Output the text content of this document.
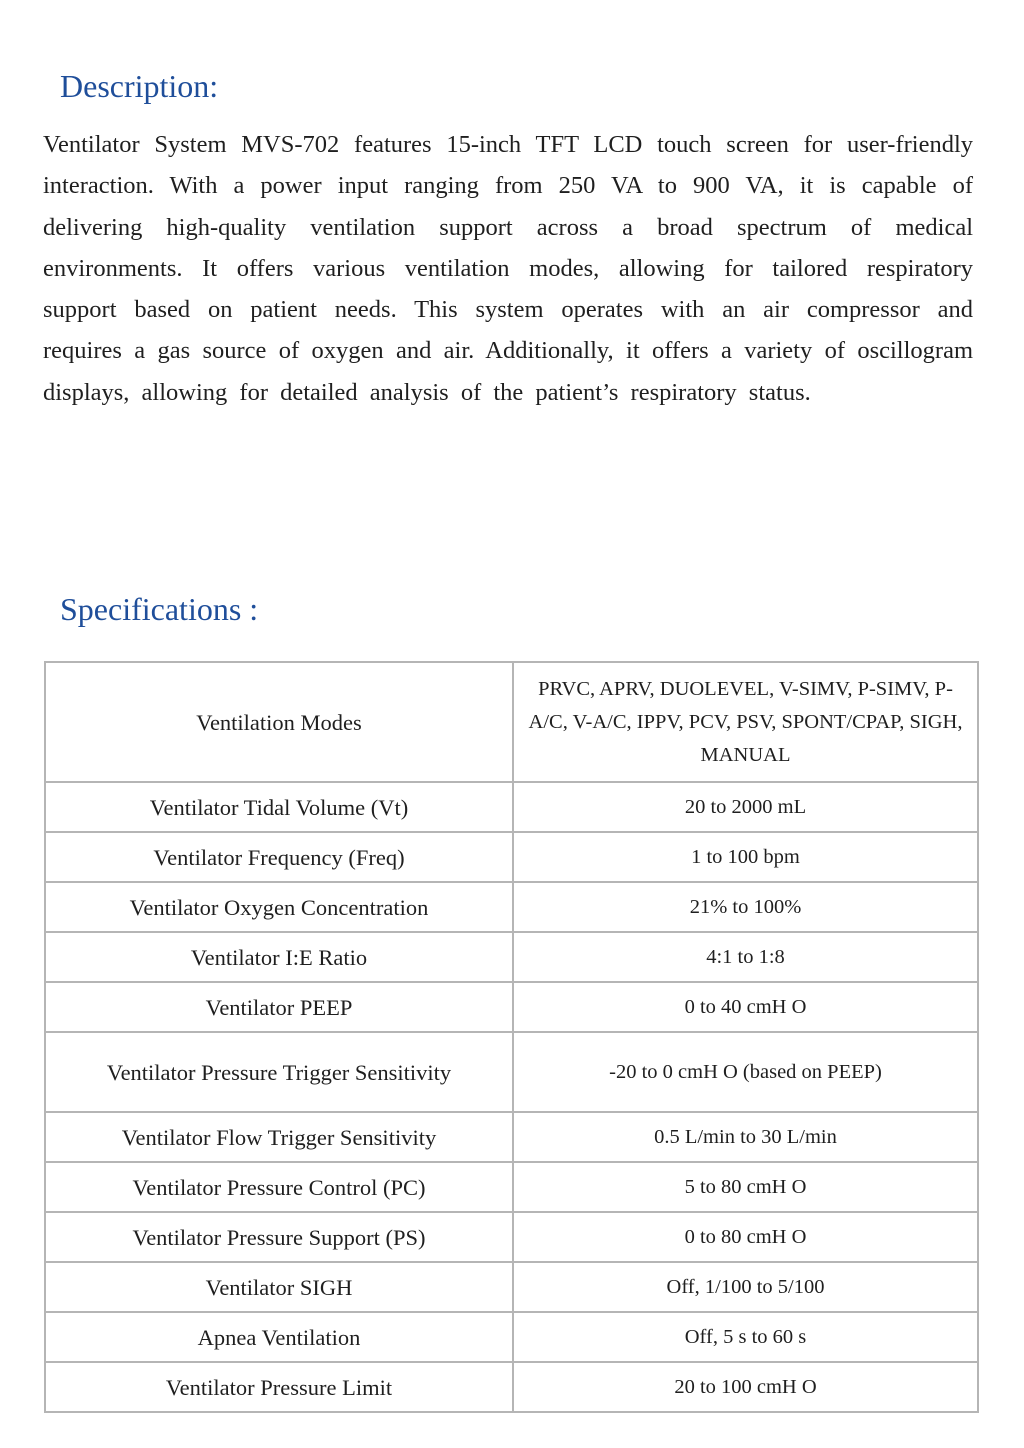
Description:

Ventilator System MVS-702 features 15-inch TFT LCD touch screen for user-friendly interaction. With a power input ranging from 250 VA to 900 VA, it is capable of delivering high-quality ventilation support across a broad spectrum of medical environments. It offers various ventilation modes, allowing for tailored respiratory support based on patient needs. This system operates with an air compressor and requires a gas source of oxygen and air. Additionally, it offers a variety of oscillogram displays, allowing for detailed analysis of the patient’s respiratory status.

Specifications :
Ventilation Modes	PRVC, APRV, DUOLEVEL, V-SIMV, P-SIMV, P-A/C, V-A/C, IPPV, PCV, PSV, SPONT/CPAP, SIGH, MANUAL
Ventilator Tidal Volume (Vt)	20 to 2000 mL
Ventilator Frequency (Freq)	1 to 100 bpm
Ventilator Oxygen Concentration	21% to 100%
Ventilator I:E Ratio	4:1 to 1:8
Ventilator PEEP	0 to 40 cmH O
Ventilator Pressure Trigger Sensitivity	-20 to 0 cmH O (based on PEEP)
Ventilator Flow Trigger Sensitivity	0.5 L/min to 30 L/min
Ventilator Pressure Control (PC)	5 to 80 cmH O
Ventilator Pressure Support (PS)	0 to 80 cmH O
Ventilator SIGH	Off, 1/100 to 5/100
Apnea Ventilation	Off, 5 s to 60 s
Ventilator Pressure Limit	20 to 100 cmH O
